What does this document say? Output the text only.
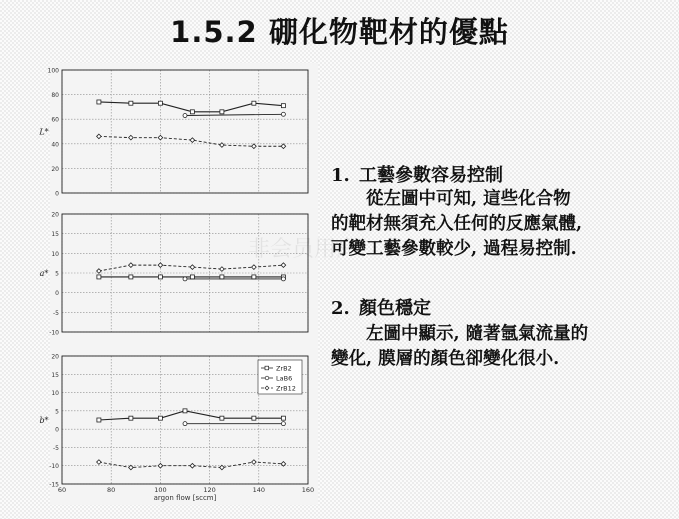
1.5.2 硼化物靶材的優點
0
20
40
60
80
100
L*
-10
-5
0
5
10
15
20
a*
-15
-10
-5
0
5
10
15
20
b*
ZrB2
LaB6
ZrB12
60	80	100	120	140	160
argon flow [sccm]
非会员用户
1. 工藝參數容易控制
從左圖中可知, 這些化合物
的靶材無須充入任何的反應氣體,
可變工藝參數較少, 過程易控制.
2. 顏色穩定
左圖中顯示, 隨著氬氣流量的
變化, 膜層的顏色卻變化很小.
